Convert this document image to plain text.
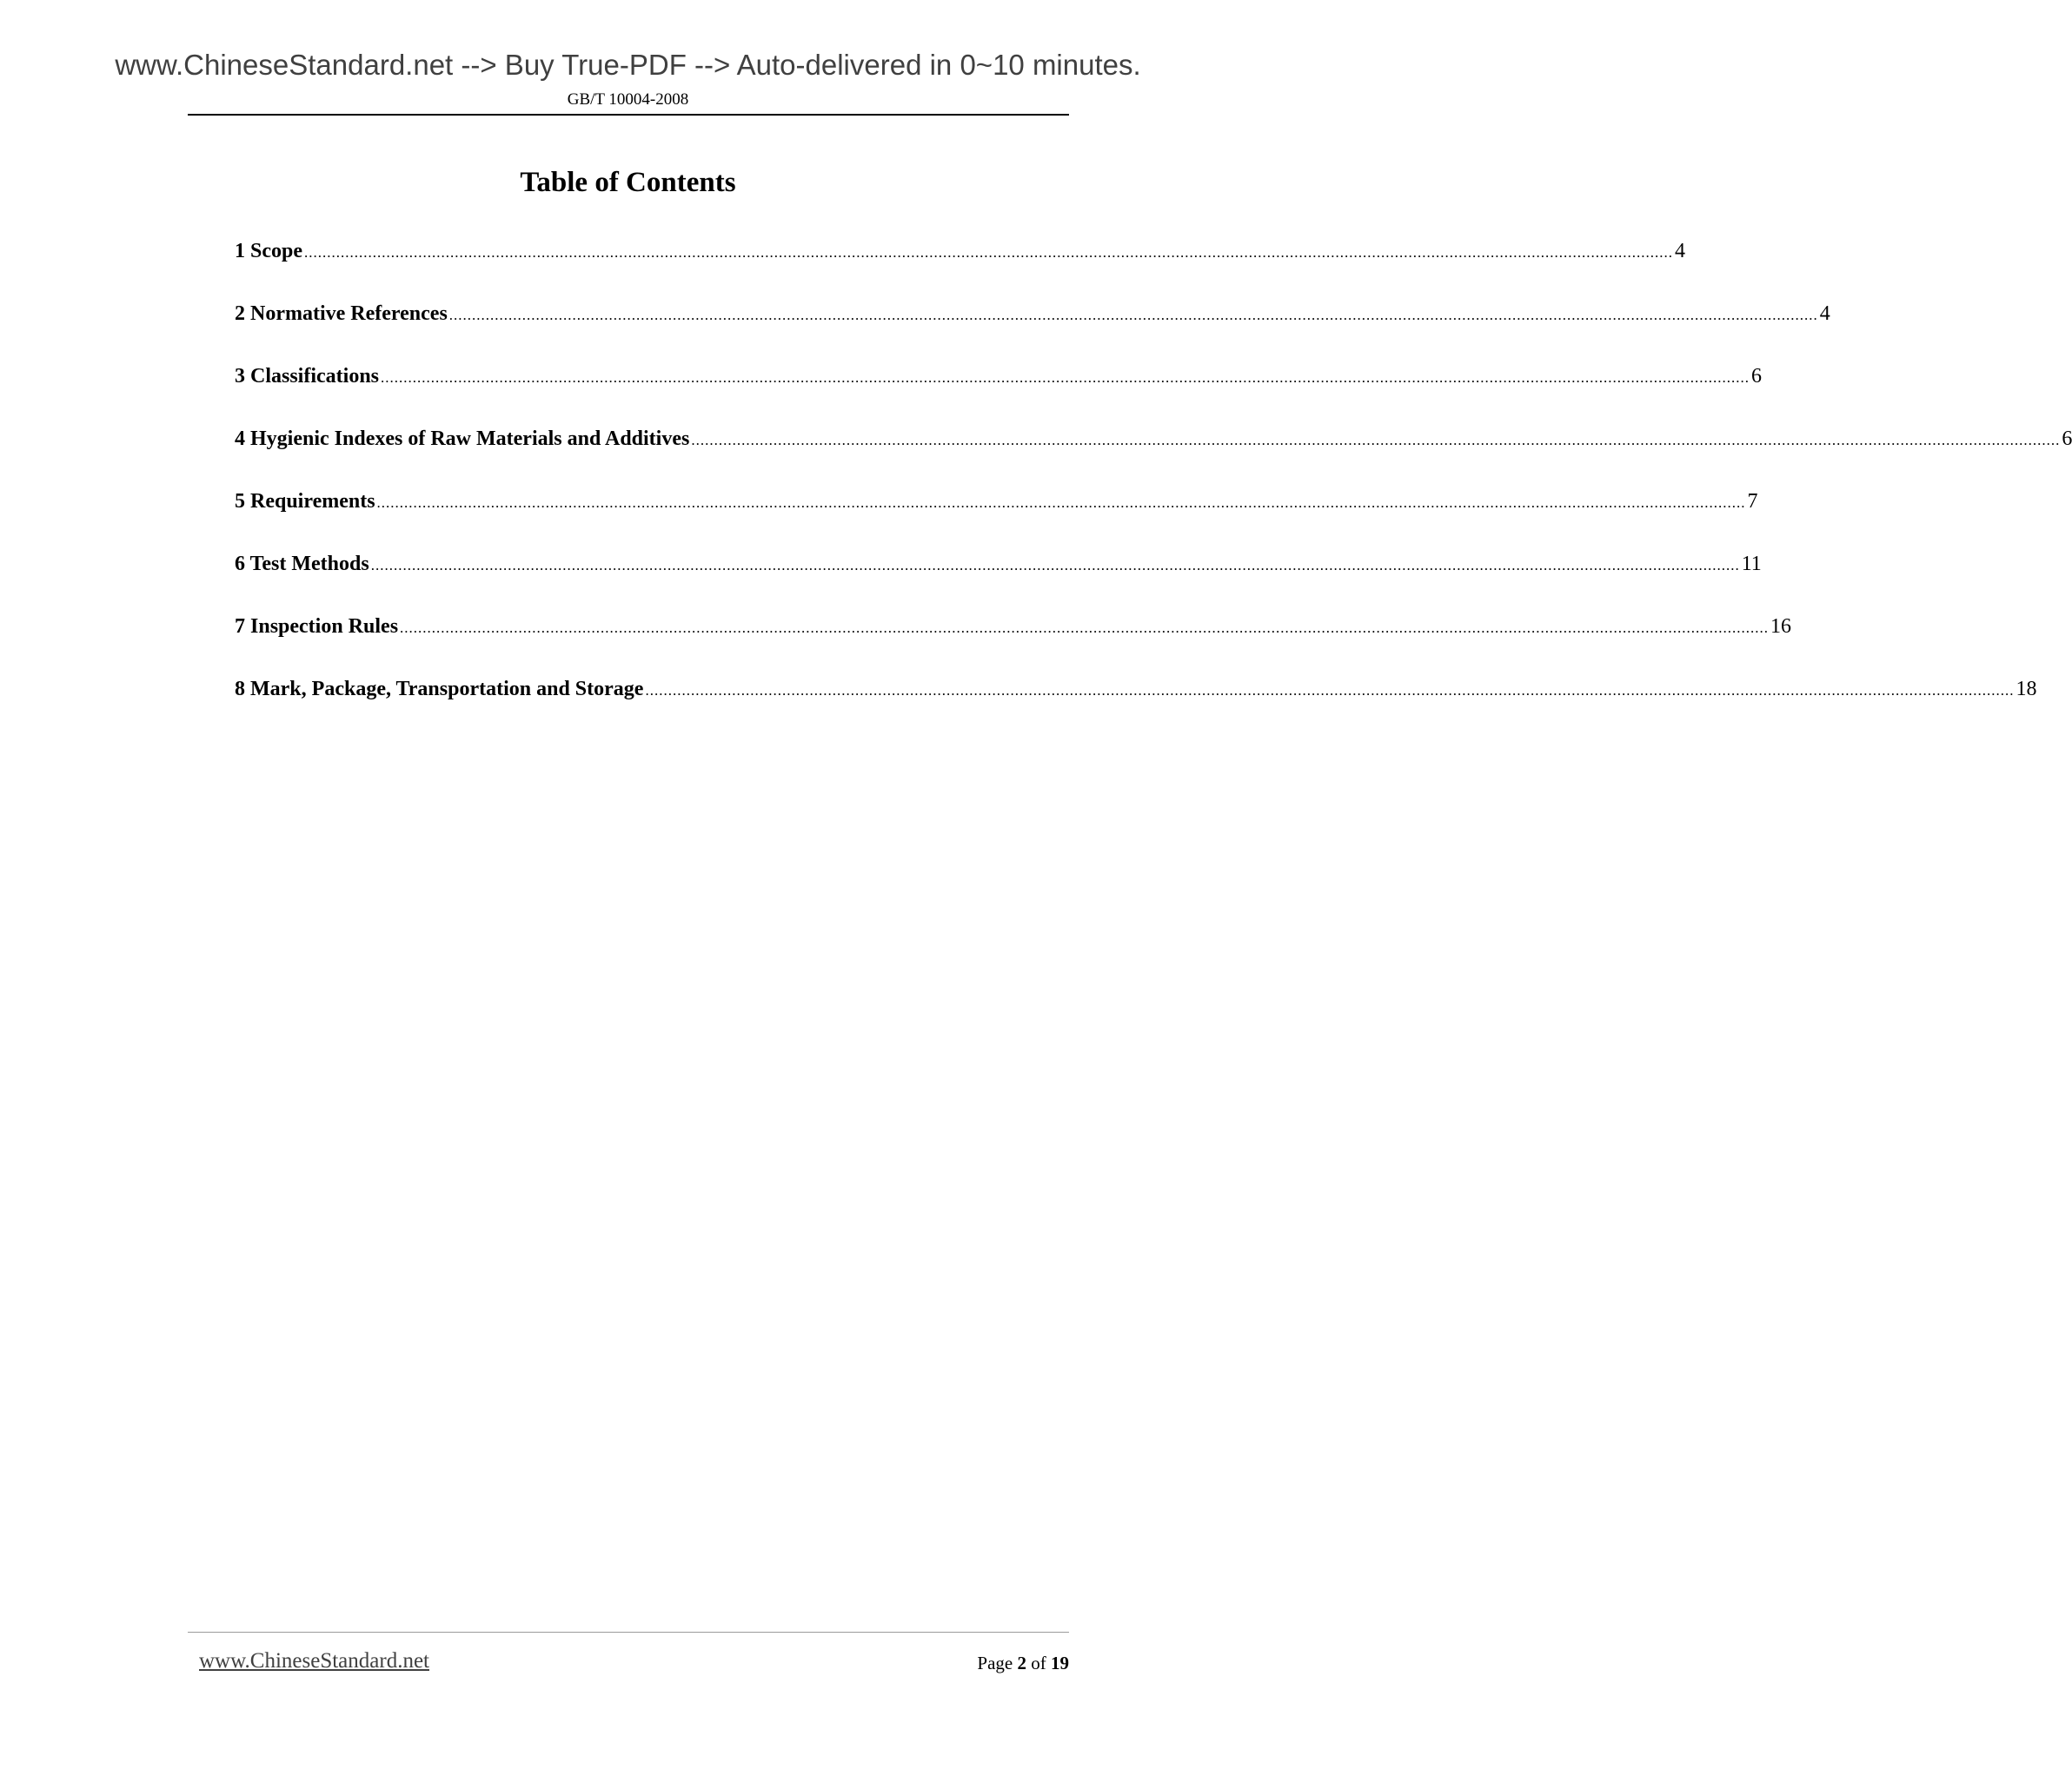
www.ChineseStandard.net --> Buy True-PDF --> Auto-delivered in 0~10 minutes.
GB/T 10004-2008
Table of Contents
1 Scope ............................................................................................................................................................................................................................................................................................................ 4
2 Normative References ............................................................................................................................................................................................................................................................................................................ 4
3 Classifications ............................................................................................................................................................................................................................................................................................................ 6
4 Hygienic Indexes of Raw Materials and Additives ............................................................................................................................................................................................................................................................................................................ 6
5 Requirements ............................................................................................................................................................................................................................................................................................................ 7
6 Test Methods ............................................................................................................................................................................................................................................................................................................ 11
7 Inspection Rules ............................................................................................................................................................................................................................................................................................................ 16
8 Mark, Package, Transportation and Storage ............................................................................................................................................................................................................................................................................................................ 18
www.ChineseStandard.net	Page 2 of 19
